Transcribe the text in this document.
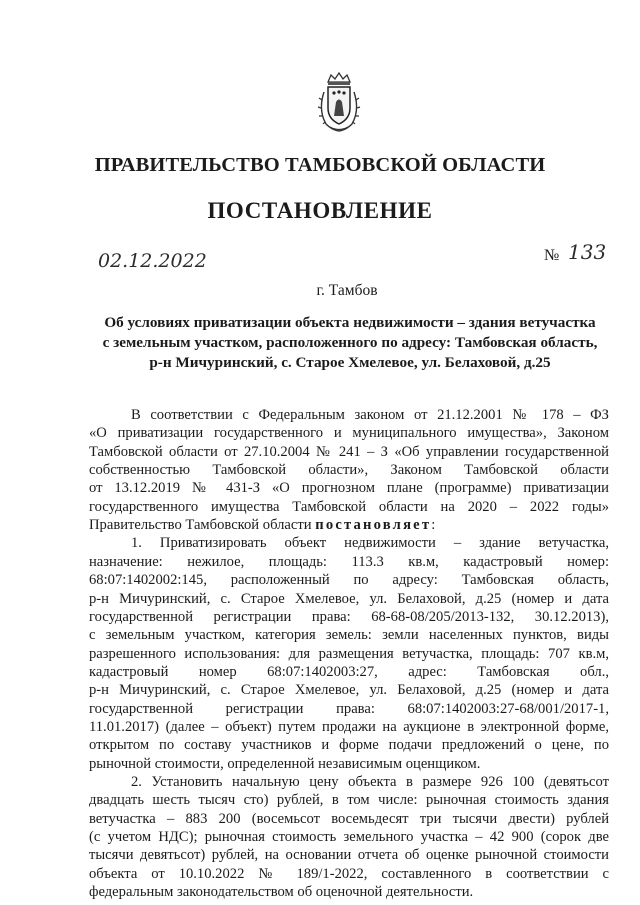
ПРАВИТЕЛЬСТВО ТАМБОВСКОЙ ОБЛАСТИ
ПОСТАНОВЛЕНИЕ
02.12.2022	№ 133
г. Тамбов
Об условиях приватизации объекта недвижимости – здания ветучастка
с земельным участком, расположенного по адресу: Тамбовская область,
р-н Мичуринский, с. Старое Хмелевое, ул. Белаховой, д.25
В соответствии с Федеральным законом от 21.12.2001 № 178 – ФЗ
«О приватизации государственного и муниципального имущества», Законом
Тамбовской области от 27.10.2004 № 241 – З «Об управлении государственной
собственностью Тамбовской области», Законом Тамбовской области
от 13.12.2019 № 431-З «О прогнозном плане (программе) приватизации
государственного имущества Тамбовской области на 2020 – 2022 годы»
Правительство Тамбовской области постановляет:
1. Приватизировать объект недвижимости – здание ветучастка,
назначение: нежилое, площадь: 113.3 кв.м, кадастровый номер:
68:07:1402002:145, расположенный по адресу: Тамбовская область,
р-н Мичуринский, с. Старое Хмелевое, ул. Белаховой, д.25 (номер и дата
государственной регистрации права: 68-68-08/205/2013-132, 30.12.2013),
с земельным участком, категория земель: земли населенных пунктов, виды
разрешенного использования: для размещения ветучастка, площадь: 707 кв.м,
кадастровый номер 68:07:1402003:27, адрес: Тамбовская обл.,
р-н Мичуринский, с. Старое Хмелевое, ул. Белаховой, д.25 (номер и дата
государственной регистрации права: 68:07:1402003:27-68/001/2017-1,
11.01.2017) (далее – объект) путем продажи на аукционе в электронной форме,
открытом по составу участников и форме подачи предложений о цене, по
рыночной стоимости, определенной независимым оценщиком.
2. Установить начальную цену объекта в размере 926 100 (девятьсот
двадцать шесть тысяч сто) рублей, в том числе: рыночная стоимость здания
ветучастка – 883 200 (восемьсот восемьдесят три тысячи двести) рублей
(с учетом НДС); рыночная стоимость земельного участка – 42 900 (сорок две
тысячи девятьсот) рублей, на основании отчета об оценке рыночной стоимости
объекта от 10.10.2022 № 189/1-2022, составленного в соответствии с
федеральным законодательством об оценочной деятельности.
